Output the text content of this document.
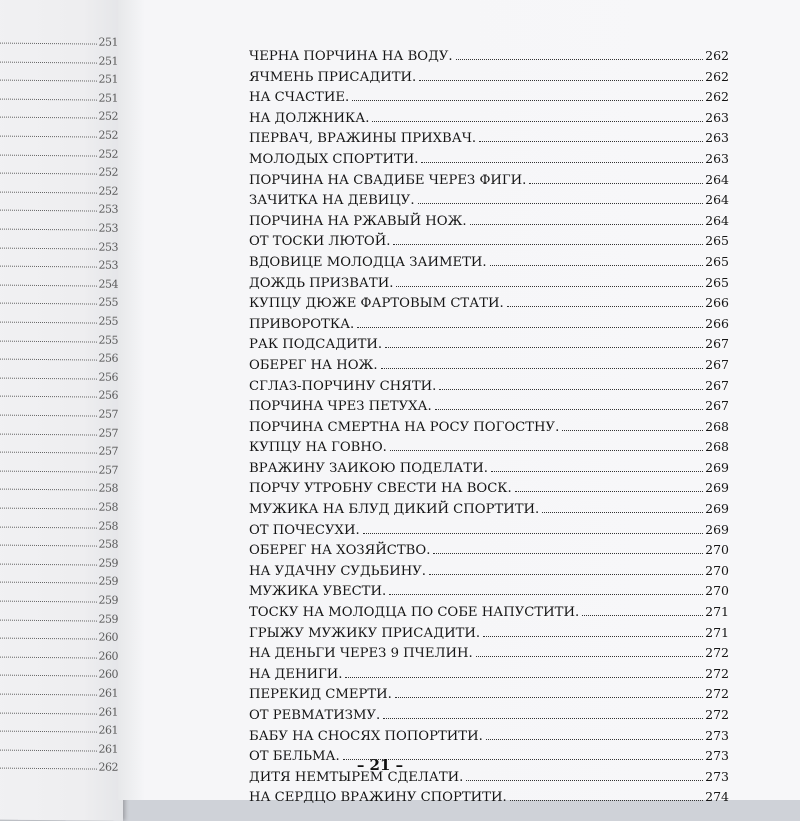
251
251
251
251
252
252
252
252
252
253
253
253
253
254
255
255
255
256
256
256
257
257
257
257
258
258
258
258
259
259
259
259
260
260
260
261
261
261
261
262
ЧЕРНА ПОРЧИНА НА ВОДУ.	262
ЯЧМЕНЬ ПРИСАДИТИ.	262
НА СЧАСТИЕ.	262
НА ДОЛЖНИКА.	263
ПЕРВАЧ, ВРАЖИНЫ ПРИХВАЧ.	263
МОЛОДЫХ СПОРТИТИ.	263
ПОРЧИНА НА СВАДИБЕ ЧЕРЕЗ ФИГИ.	264
ЗАЧИТКА НА ДЕВИЦУ.	264
ПОРЧИНА НА РЖАВЫЙ НОЖ.	264
ОТ ТОСКИ ЛЮТОЙ.	265
ВДОВИЦЕ МОЛОДЦА ЗАИМЕТИ.	265
ДОЖДЬ ПРИЗВАТИ.	265
КУПЦУ ДЮЖЕ ФАРТОВЫМ СТАТИ.	266
ПРИВОРОТКА.	266
РАК ПОДСАДИТИ.	267
ОБЕРЕГ НА НОЖ.	267
СГЛАЗ-ПОРЧИНУ СНЯТИ.	267
ПОРЧИНА ЧРЕЗ ПЕТУХА.	267
ПОРЧИНА СМЕРТНА НА РОСУ ПОГОСТНУ.	268
КУПЦУ НА ГОВНО.	268
ВРАЖИНУ ЗАИКОЮ ПОДЕЛАТИ.	269
ПОРЧУ УТРОБНУ СВЕСТИ НА ВОСК.	269
МУЖИКА НА БЛУД ДИКИЙ СПОРТИТИ.	269
ОТ ПОЧЕСУХИ.	269
ОБЕРЕГ НА ХОЗЯЙСТВО.	270
НА УДАЧНУ СУДЬБИНУ.	270
МУЖИКА УВЕСТИ.	270
ТОСКУ НА МОЛОДЦА ПО СОБЕ НАПУСТИТИ.	271
ГРЫЖУ МУЖИКУ ПРИСАДИТИ.	271
НА ДЕНЬГИ ЧЕРЕЗ 9 ПЧЕЛИН.	272
НА ДЕНИГИ.	272
ПЕРЕКИД СМЕРТИ.	272
ОТ РЕВМАТИЗМУ.	272
БАБУ НА СНОСЯХ ПОПОРТИТИ.	273
ОТ БЕЛЬМА.	273
ДИТЯ НЕМТЫРЕМ СДЕЛАТИ.	273
НА СЕРДЦО ВРАЖИНУ СПОРТИТИ.	274
– 21 –
